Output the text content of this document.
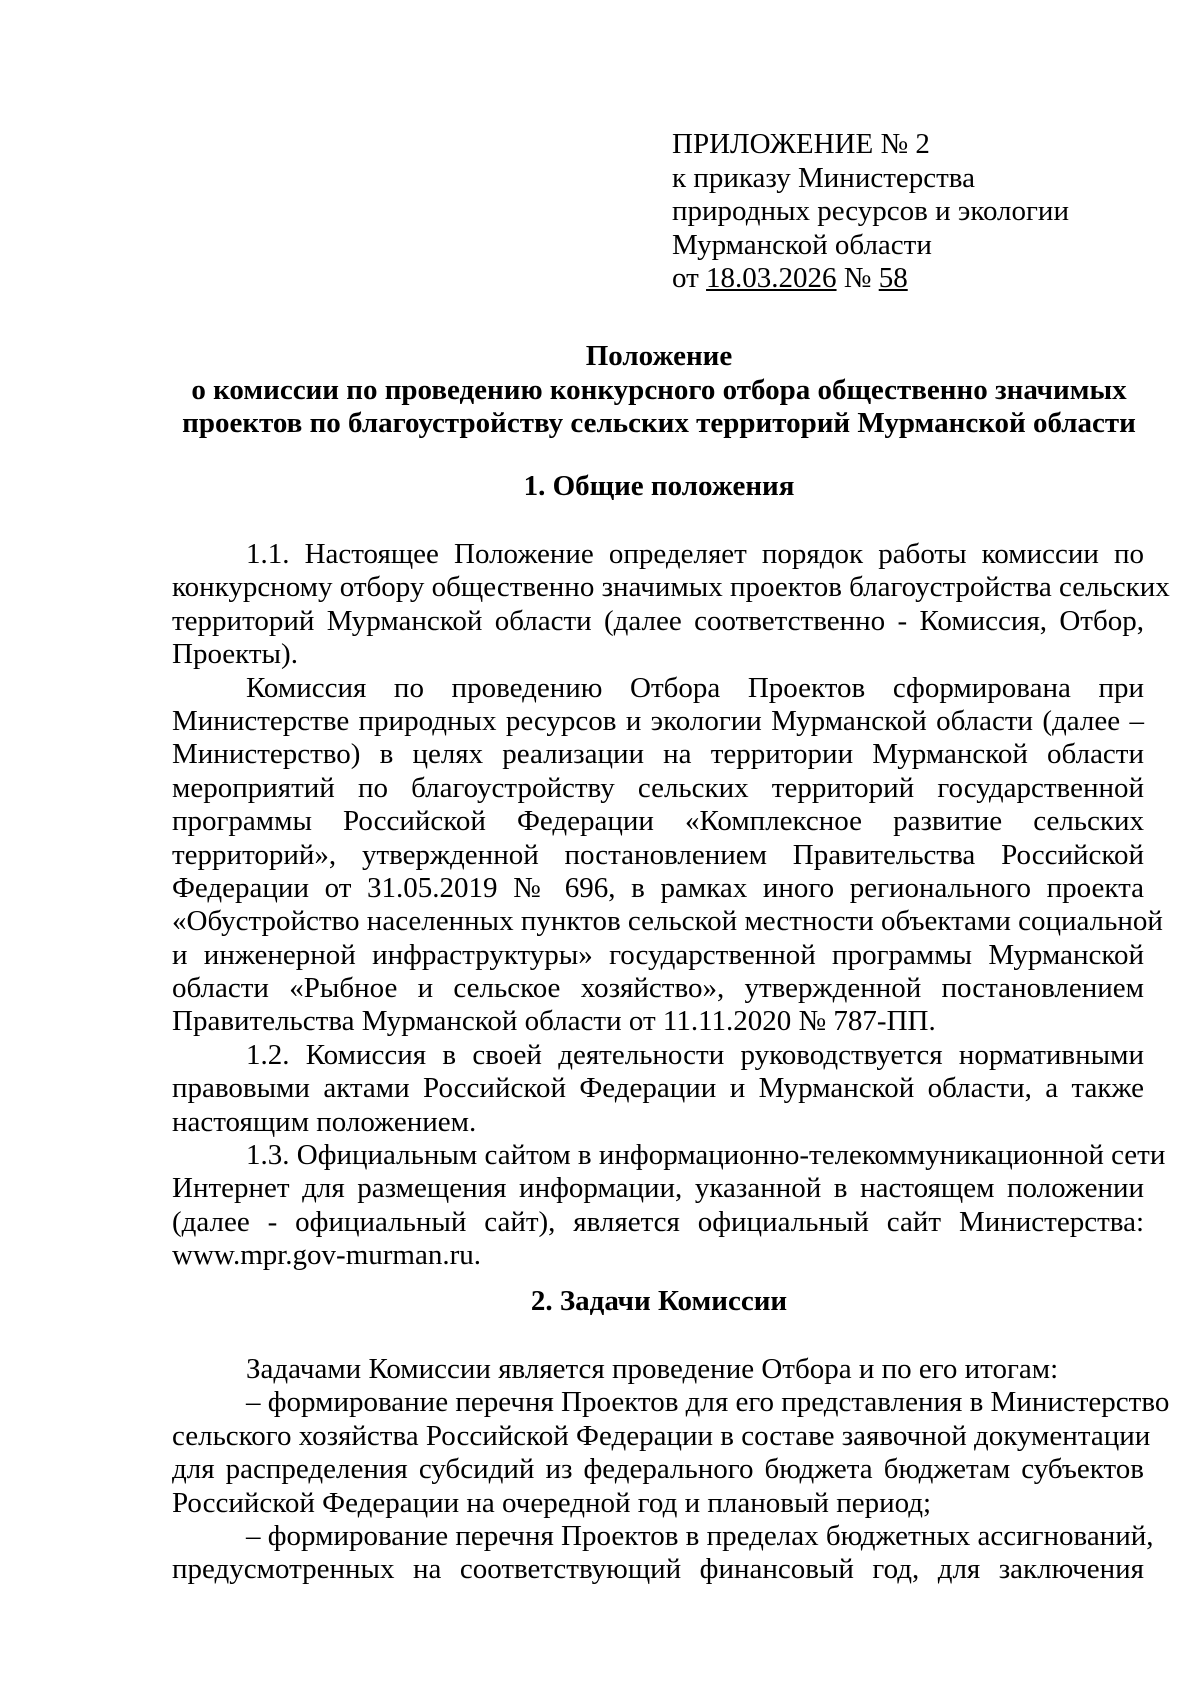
ПРИЛОЖЕНИЕ № 2
к приказу Министерства
природных ресурсов и экологии
Мурманской области
от 18.03.2026 № 58
Положение
о комиссии по проведению конкурсного отбора общественно значимых
проектов по благоустройству сельских территорий Мурманской области
1. Общие положения
1.1. Настоящее Положение определяет порядок работы комиссии по
конкурсному отбору общественно значимых проектов благоустройства сельских
территорий Мурманской области (далее соответственно - Комиссия, Отбор,
Проекты).
Комиссия по проведению Отбора Проектов сформирована при
Министерстве природных ресурсов и экологии Мурманской области (далее –
Министерство) в целях реализации на территории Мурманской области
мероприятий по благоустройству сельских территорий государственной
программы Российской Федерации «Комплексное развитие сельских
территорий», утвержденной постановлением Правительства Российской
Федерации от 31.05.2019 № 696, в рамках иного регионального проекта
«Обустройство населенных пунктов сельской местности объектами социальной
и инженерной инфраструктуры» государственной программы Мурманской
области «Рыбное и сельское хозяйство», утвержденной постановлением
Правительства Мурманской области от 11.11.2020 № 787-ПП.
1.2. Комиссия в своей деятельности руководствуется нормативными
правовыми актами Российской Федерации и Мурманской области, а также
настоящим положением.
1.3. Официальным сайтом в информационно-телекоммуникационной сети
Интернет для размещения информации, указанной в настоящем положении
(далее - официальный сайт), является официальный сайт Министерства:
www.mpr.gov-murman.ru.
2. Задачи Комиссии
Задачами Комиссии является проведение Отбора и по его итогам:
– формирование перечня Проектов для его представления в Министерство
сельского хозяйства Российской Федерации в составе заявочной документации
для распределения субсидий из федерального бюджета бюджетам субъектов
Российской Федерации на очередной год и плановый период;
– формирование перечня Проектов в пределах бюджетных ассигнований,
предусмотренных на соответствующий финансовый год, для заключения
